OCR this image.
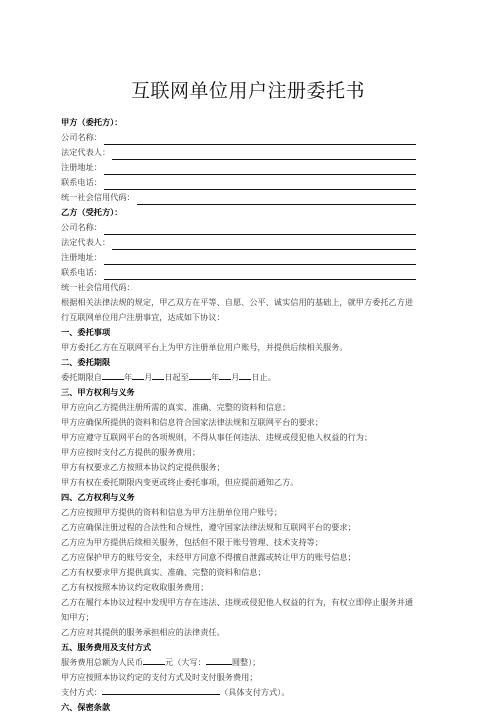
互联网单位用户注册委托书
甲方（委托方）：
公司名称：
法定代表人：
注册地址：
联系电话：
统一社会信用代码：
乙方（受托方）：
公司名称：
法定代表人：
注册地址：
联系电话：
统一社会信用代码：
根据相关法律法规的规定，甲乙双方在平等、自愿、公平、诚实信用的基础上，就甲方委托乙方进行互联网单位用户注册事宜，达成如下协议：
一、委托事项
甲方委托乙方在互联网平台上为甲方注册单位用户账号，并提供后续相关服务。
二、委托期限
委托期限自	年 月 日起至	年 月 日止。
三、甲方权利与义务
甲方应向乙方提供注册所需的真实、准确、完整的资料和信息；
甲方应确保所提供的资料和信息符合国家法律法规和互联网平台的要求；
甲方应遵守互联网平台的各项规则，不得从事任何违法、违规或侵犯他人权益的行为；
甲方应按时支付乙方提供的服务费用；
甲方有权要求乙方按照本协议约定提供服务；
甲方有权在委托期限内变更或终止委托事项，但应提前通知乙方。
四、乙方权利与义务
乙方应按照甲方提供的资料和信息为甲方注册单位用户账号；
乙方应确保注册过程的合法性和合规性，遵守国家法律法规和互联网平台的要求；
乙方应为甲方提供后续相关服务，包括但不限于账号管理、技术支持等；
乙方应保护甲方的账号安全，未经甲方同意不得擅自泄露或转让甲方的账号信息；
乙方有权要求甲方提供真实、准确、完整的资料和信息；
乙方有权按照本协议约定收取服务费用；
乙方在履行本协议过程中发现甲方存在违法、违规或侵犯他人权益的行为，有权立即停止服务并通知甲方；
乙方应对其提供的服务承担相应的法律责任。
五、服务费用及支付方式
服务费用总额为人民币	元（大写：	圆整）；
甲方应按照本协议约定的支付方式及时支付服务费用；
支付方式：	（具体支付方式）。
六、保密条款
